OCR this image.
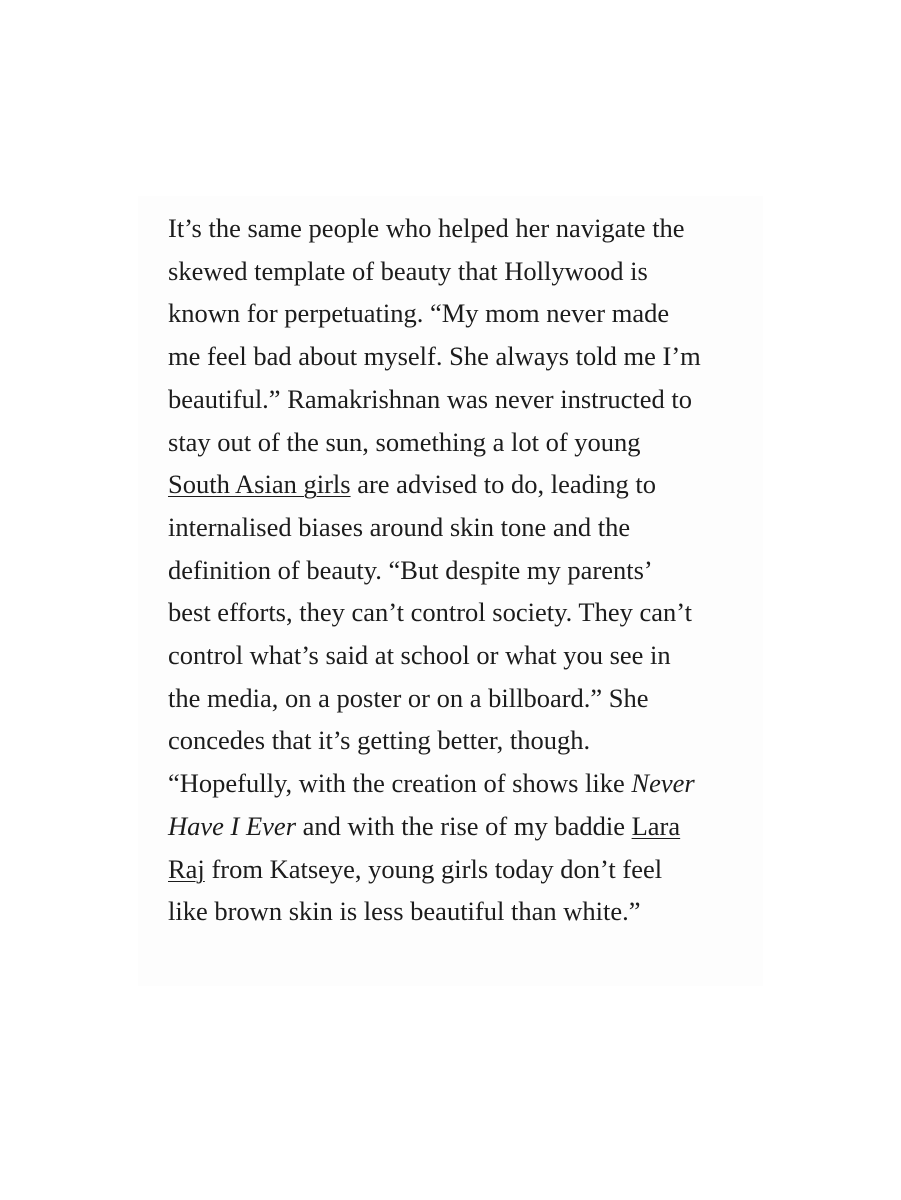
It’s the same people who helped her navigate the
skewed template of beauty that Hollywood is
known for perpetuating. “My mom never made
me feel bad about myself. She always told me I’m
beautiful.” Ramakrishnan was never instructed to
stay out of the sun, something a lot of young
South Asian girls are advised to do, leading to
internalised biases around skin tone and the
definition of beauty. “But despite my parents’
best efforts, they can’t control society. They can’t
control what’s said at school or what you see in
the media, on a poster or on a billboard.” She
concedes that it’s getting better, though.
“Hopefully, with the creation of shows like Never
Have I Ever and with the rise of my baddie Lara
Raj from Katseye, young girls today don’t feel
like brown skin is less beautiful than white.”
